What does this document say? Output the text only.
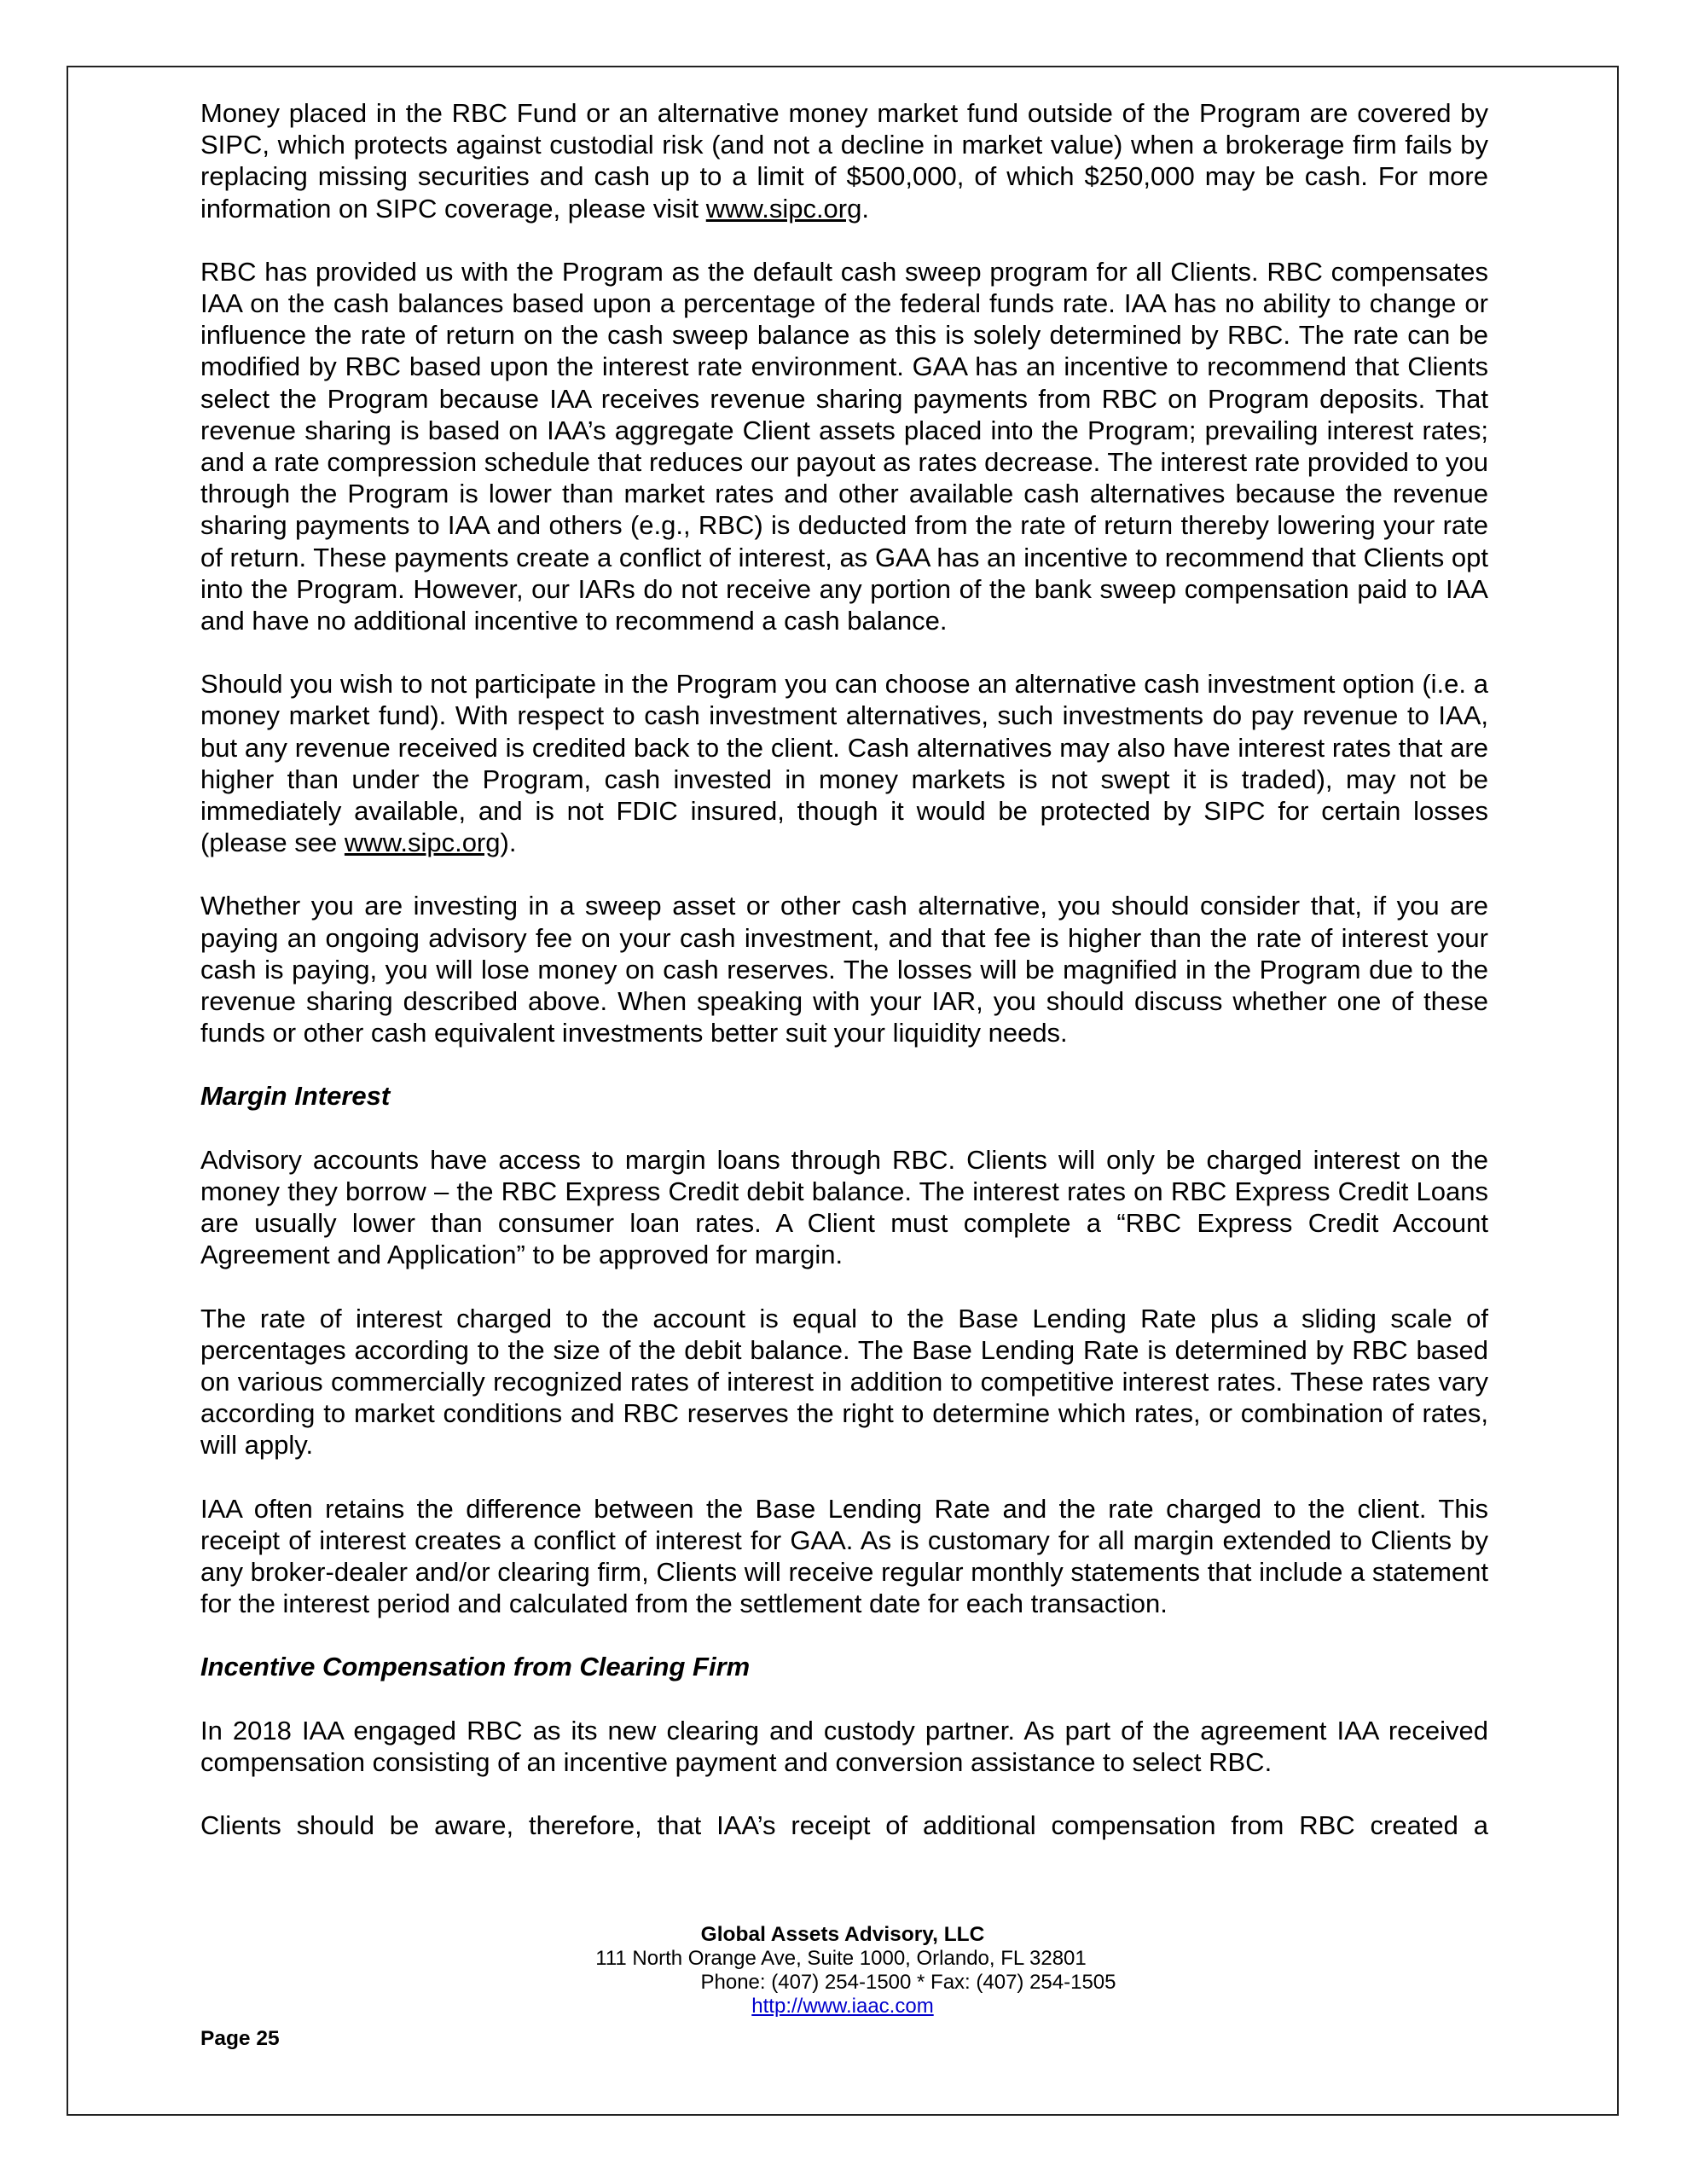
Money placed in the RBC Fund or an alternative money market fund outside of the Program are covered by SIPC, which protects against custodial risk (and not a decline in market value) when a brokerage firm fails by replacing missing securities and cash up to a limit of $500,000, of which $250,000 may be cash. For more information on SIPC coverage, please visit www.sipc.org.

RBC has provided us with the Program as the default cash sweep program for all Clients. RBC compensates IAA on the cash balances based upon a percentage of the federal funds rate. IAA has no ability to change or influence the rate of return on the cash sweep balance as this is solely determined by RBC. The rate can be modified by RBC based upon the interest rate environment. GAA has an incentive to recommend that Clients select the Program because IAA receives revenue sharing payments from RBC on Program deposits. That revenue sharing is based on IAA’s aggregate Client assets placed into the Program; prevailing interest rates; and a rate compression schedule that reduces our payout as rates decrease. The interest rate provided to you through the Program is lower than market rates and other available cash alternatives because the revenue sharing payments to IAA and others (e.g., RBC) is deducted from the rate of return thereby lowering your rate of return. These payments create a conflict of interest, as GAA has an incentive to recommend that Clients opt into the Program. However, our IARs do not receive any portion of the bank sweep compensation paid to IAA and have no additional incentive to recommend a cash balance.

Should you wish to not participate in the Program you can choose an alternative cash investment option (i.e. a money market fund). With respect to cash investment alternatives, such investments do pay revenue to IAA, but any revenue received is credited back to the client. Cash alternatives may also have interest rates that are higher than under the Program, cash invested in money markets is not swept it is traded), may not be immediately available, and is not FDIC insured, though it would be protected by SIPC for certain losses (please see www.sipc.org).

Whether you are investing in a sweep asset or other cash alternative, you should consider that, if you are paying an ongoing advisory fee on your cash investment, and that fee is higher than the rate of interest your cash is paying, you will lose money on cash reserves. The losses will be magnified in the Program due to the revenue sharing described above. When speaking with your IAR, you should discuss whether one of these funds or other cash equivalent investments better suit your liquidity needs.

Margin Interest

Advisory accounts have access to margin loans through RBC. Clients will only be charged interest on the money they borrow – the RBC Express Credit debit balance. The interest rates on RBC Express Credit Loans are usually lower than consumer loan rates. A Client must complete a “RBC Express Credit Account Agreement and Application” to be approved for margin.

The rate of interest charged to the account is equal to the Base Lending Rate plus a sliding scale of percentages according to the size of the debit balance. The Base Lending Rate is determined by RBC based on various commercially recognized rates of interest in addition to competitive interest rates. These rates vary according to market conditions and RBC reserves the right to determine which rates, or combination of rates, will apply.

IAA often retains the difference between the Base Lending Rate and the rate charged to the client. This receipt of interest creates a conflict of interest for GAA. As is customary for all margin extended to Clients by any broker-dealer and/or clearing firm, Clients will receive regular monthly statements that include a statement for the interest period and calculated from the settlement date for each transaction.

Incentive Compensation from Clearing Firm

In 2018 IAA engaged RBC as its new clearing and custody partner. As part of the agreement IAA received compensation consisting of an incentive payment and conversion assistance to select RBC.

Clients should be aware, therefore, that IAA’s receipt of additional compensation from RBC created a

Global Assets Advisory, LLC
111 North Orange Ave, Suite 1000, Orlando, FL 32801
Phone: (407) 254-1500 * Fax: (407) 254-1505
http://www.iaac.com
Page 25
